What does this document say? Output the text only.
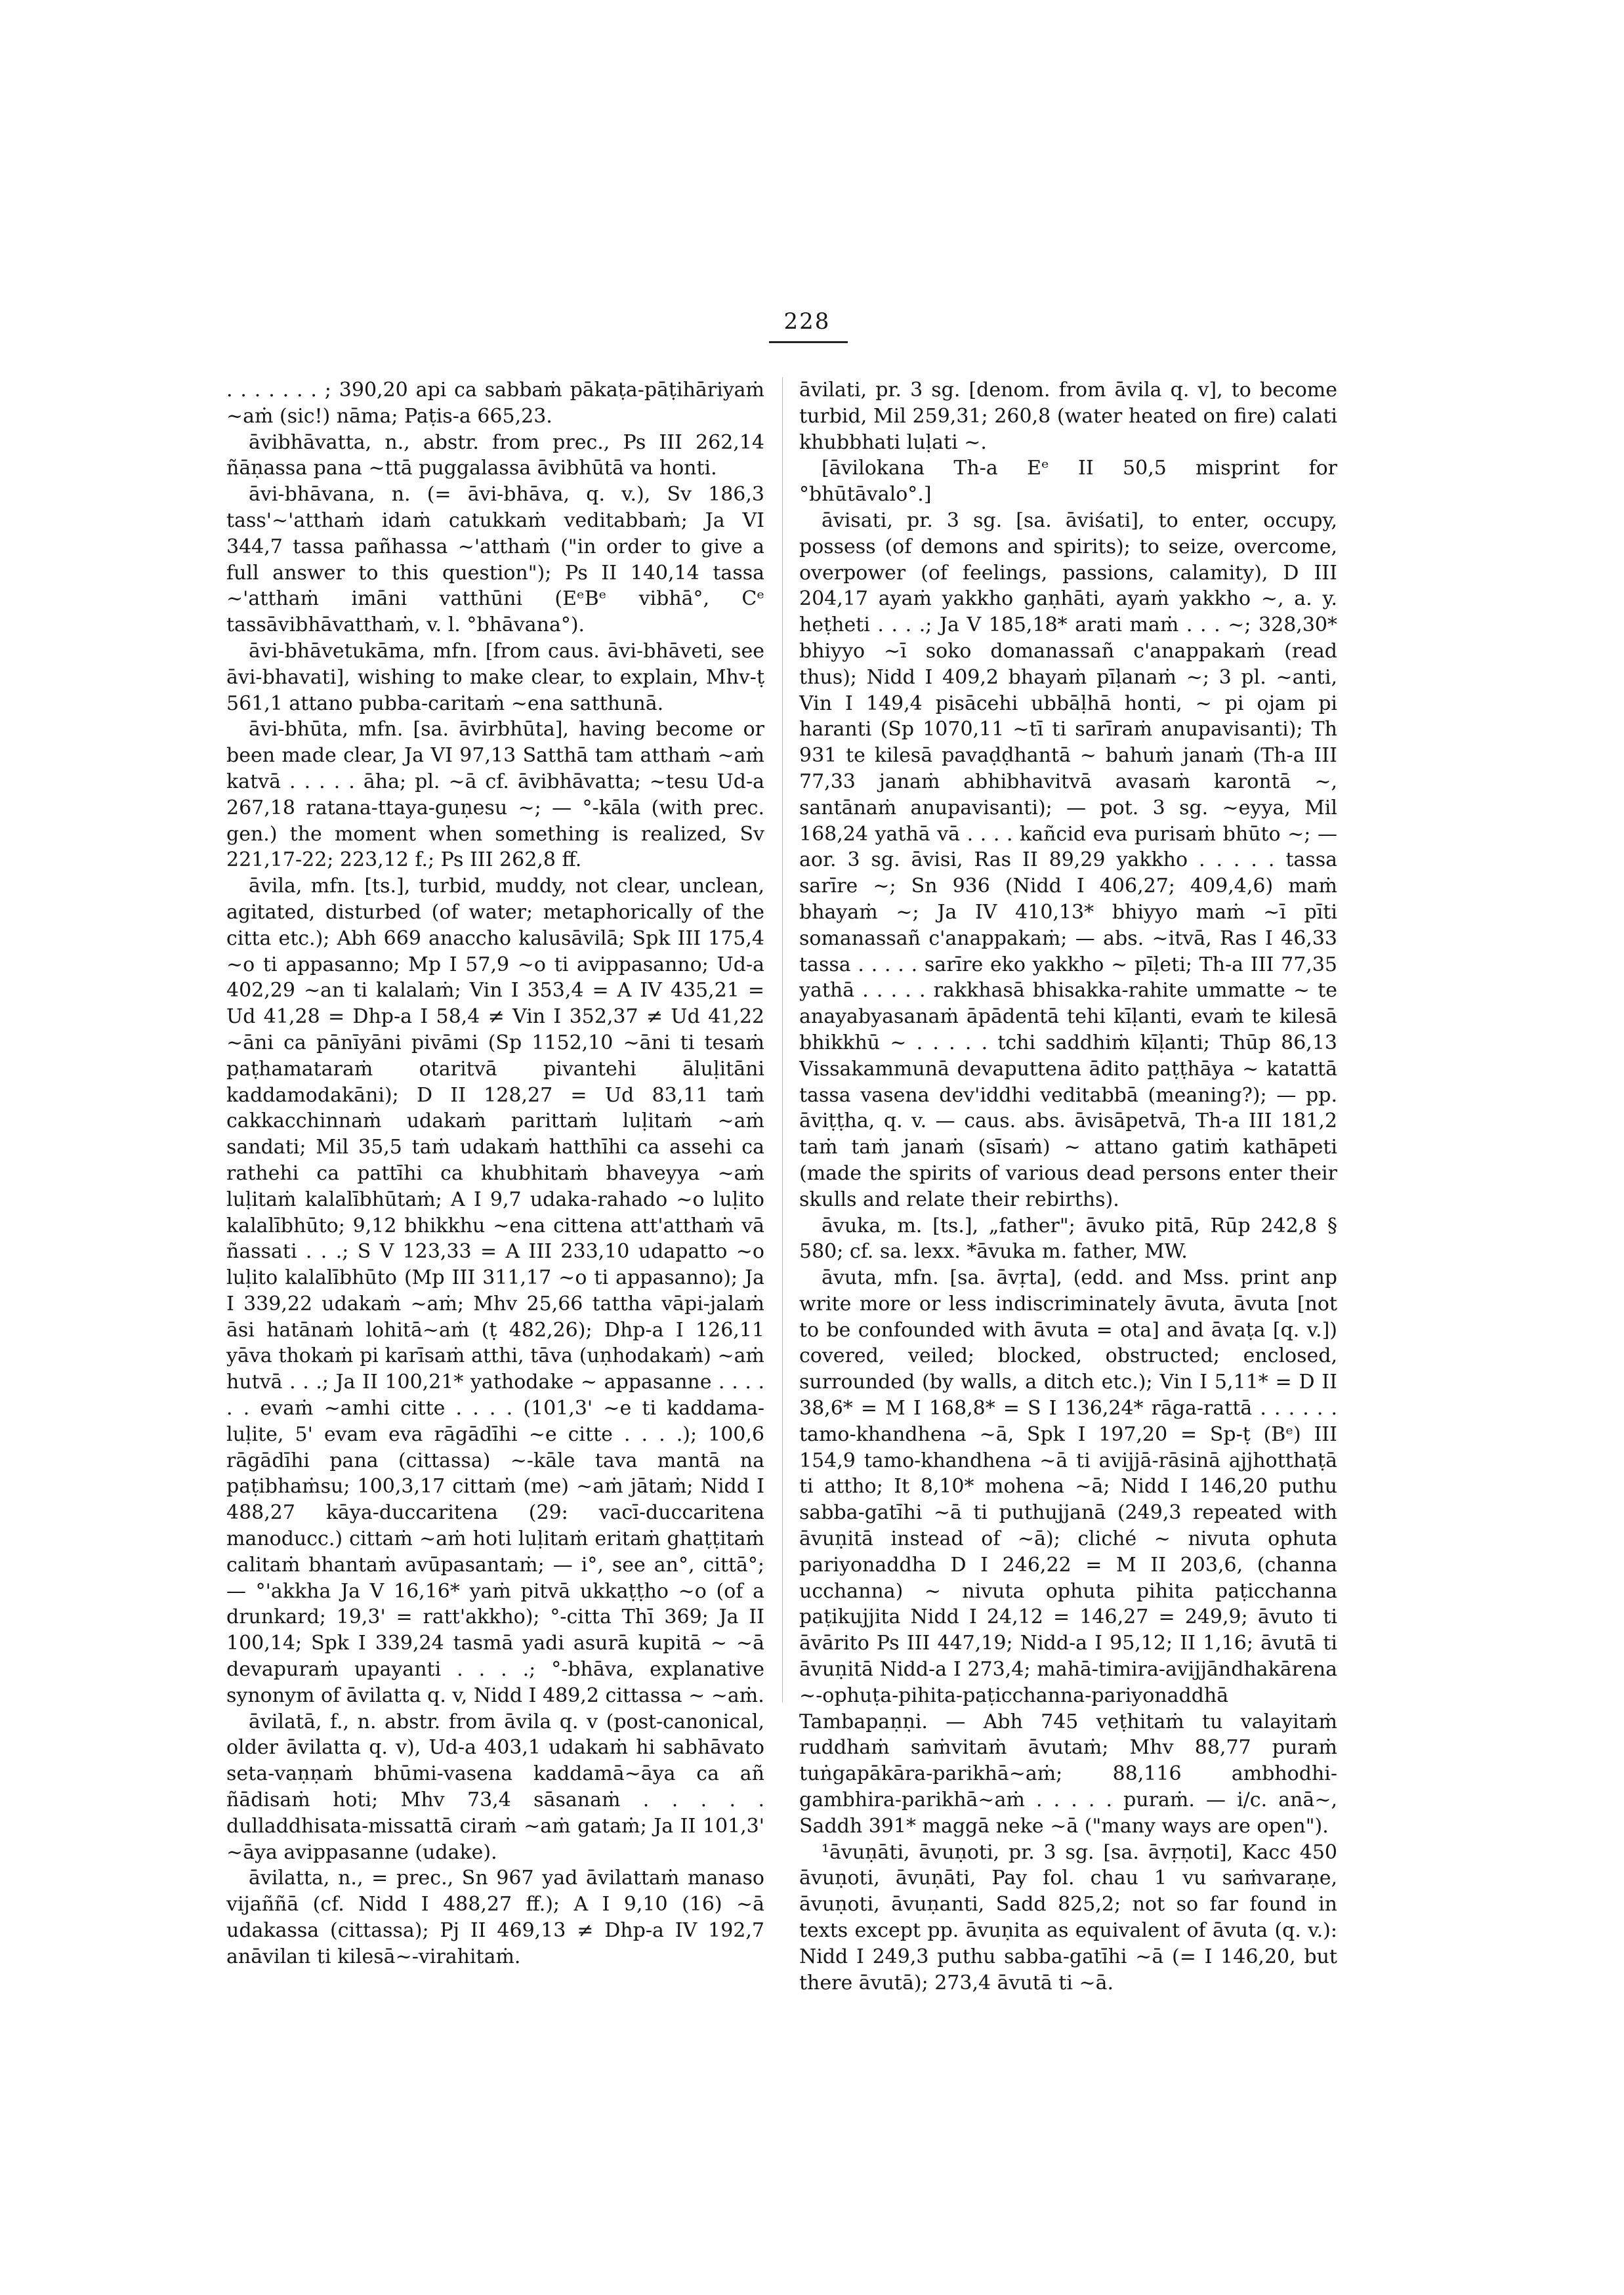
228

. . . . . . . ; 390,20 api ca sabbaṁ pākaṭa-pāṭihāriyaṁ ~aṁ (sic!) nāma; Paṭis-a 665,23.

āvibhāvatta, n., abstr. from prec., Ps III 262,14 ñāṇassa pana ~ttā puggalassa āvibhūtā va honti.

āvi-bhāvana, n. (= āvi-bhāva, q. v.), Sv 186,3 tass'~'atthaṁ idaṁ catukkaṁ veditabbaṁ; Ja VI 344,7 tassa pañhassa ~'atthaṁ ("in order to give a full answer to this question"); Ps II 140,14 tassa ~'atthaṁ imāni vatthūni (EᵉBᵉ vibhā°, Cᵉ tassāvibhāvatthaṁ, v. l. °bhāvana°).

āvi-bhāvetukāma, mfn. [from caus. āvi-bhāveti, see āvi-bhavati], wishing to make clear, to explain, Mhv-ṭ 561,1 attano pubba-caritaṁ ~ena satthunā.

āvi-bhūta, mfn. [sa. āvirbhūta], having become or been made clear, Ja VI 97,13 Satthā tam atthaṁ ~aṁ katvā . . . . . āha; pl. ~ā cf. āvibhāvatta; ~tesu Ud-a 267,18 ratana-ttaya-guṇesu ~; — °-kāla (with prec. gen.) the moment when something is realized, Sv 221,17-22; 223,12 f.; Ps III 262,8 ff.

āvila, mfn. [ts.], turbid, muddy, not clear, unclean, agitated, disturbed (of water; metaphorically of the citta etc.); Abh 669 anaccho kalusāvilā; Spk III 175,4 ~o ti appasanno; Mp I 57,9 ~o ti avippasanno; Ud-a 402,29 ~an ti kalalaṁ; Vin I 353,4 = A IV 435,21 = Ud 41,28 = Dhp-a I 58,4 ≠ Vin I 352,37 ≠ Ud 41,22 ~āni ca pānīyāni pivāmi (Sp 1152,10 ~āni ti tesaṁ paṭhamataraṁ otaritvā pivantehi āluḷitāni kaddamodakāni); D II 128,27 = Ud 83,11 taṁ cakkacchinnaṁ udakaṁ parittaṁ luḷitaṁ ~aṁ sandati; Mil 35,5 taṁ udakaṁ hatthīhi ca assehi ca rathehi ca pattīhi ca khubhitaṁ bhaveyya ~aṁ luḷitaṁ kalalībhūtaṁ; A I 9,7 udaka-rahado ~o luḷito kalalībhūto; 9,12 bhikkhu ~ena cittena att'atthaṁ vā ñassati . . .; S V 123,33 = A III 233,10 udapatto ~o luḷito kalalībhūto (Mp III 311,17 ~o ti appasanno); Ja I 339,22 udakaṁ ~aṁ; Mhv 25,66 tattha vāpi-jalaṁ āsi hatānaṁ lohitā~aṁ (ṭ 482,26); Dhp-a I 126,11 yāva thokaṁ pi karīsaṁ atthi, tāva (uṇhodakaṁ) ~aṁ hutvā . . .; Ja II 100,21* yathodake ~ appasanne . . . . . . evaṁ ~amhi citte . . . . (101,3' ~e ti kaddama-luḷite, 5' evam eva rāgādīhi ~e citte . . . .); 100,6 rāgādīhi pana (cittassa) ~-kāle tava mantā na paṭibhaṁsu; 100,3,17 cittaṁ (me) ~aṁ jātaṁ; Nidd I 488,27 kāya-duccaritena (29: vacī-duccaritena manoducc.) cittaṁ ~aṁ hoti luḷitaṁ eritaṁ ghaṭṭitaṁ calitaṁ bhantaṁ avūpasantaṁ; — i°, see an°, cittā°; — °'akkha Ja V 16,16* yaṁ pitvā ukkaṭṭho ~o (of a drunkard; 19,3' = ratt'akkho); °-citta Thī 369; Ja II 100,14; Spk I 339,24 tasmā yadi asurā kupitā ~ ~ā devapuraṁ upayanti . . . .; °-bhāva, explanative synonym of āvilatta q. v, Nidd I 489,2 cittassa ~ ~aṁ.

āvilatā, f., n. abstr. from āvila q. v (post-canonical, older āvilatta q. v), Ud-a 403,1 udakaṁ hi sabhāvato seta-vaṇṇaṁ bhūmi-vasena kaddamā~āya ca añ ñādisaṁ hoti; Mhv 73,4 sāsanaṁ . . . . . dulladdhisata-missattā ciraṁ ~aṁ gataṁ; Ja II 101,3' ~āya avippasanne (udake).

āvilatta, n., = prec., Sn 967 yad āvilattaṁ manaso vijaññā (cf. Nidd I 488,27 ff.); A I 9,10 (16) ~ā udakassa (cittassa); Pj II 469,13 ≠ Dhp-a IV 192,7 anāvilan ti kilesā~-virahitaṁ.

āvilati, pr. 3 sg. [denom. from āvila q. v], to become turbid, Mil 259,31; 260,8 (water heated on fire) calati khubbhati luḷati ~.

[āvilokana Th-a Eᵉ II 50,5 misprint for °bhūtāvalo°.]

āvisati, pr. 3 sg. [sa. āviśati], to enter, occupy, possess (of demons and spirits); to seize, overcome, overpower (of feelings, passions, calamity), D III 204,17 ayaṁ yakkho gaṇhāti, ayaṁ yakkho ~, a. y. heṭheti . . . .; Ja V 185,18* arati maṁ . . . ~; 328,30* bhiyyo ~ī soko domanassañ c'anappakaṁ (read thus); Nidd I 409,2 bhayaṁ pīḷanaṁ ~; 3 pl. ~anti, Vin I 149,4 pisācehi ubbāḷhā honti, ~ pi ojam pi haranti (Sp 1070,11 ~tī ti sarīraṁ anupavisanti); Th 931 te kilesā pavaḍḍhantā ~ bahuṁ janaṁ (Th-a III 77,33 janaṁ abhibhavitvā avasaṁ karontā ~, santānaṁ anupavisanti); — pot. 3 sg. ~eyya, Mil 168,24 yathā vā . . . . kañcid eva purisaṁ bhūto ~; — aor. 3 sg. āvisi, Ras II 89,29 yakkho . . . . . tassa sarīre ~; Sn 936 (Nidd I 406,27; 409,4,6) maṁ bhayaṁ ~; Ja IV 410,13* bhiyyo maṁ ~ī pīti somanassañ c'anappakaṁ; — abs. ~itvā, Ras I 46,33 tassa . . . . . sarīre eko yakkho ~ pīḷeti; Th-a III 77,35 yathā . . . . . rakkhasā bhisakka-rahite ummatte ~ te anayabyasanaṁ āpādentā tehi kīḷanti, evaṁ te kilesā bhikkhū ~ . . . . . tchi saddhiṁ kīḷanti; Thūp 86,13 Vissakammunā devaputtena ādito paṭṭhāya ~ katattā tassa vasena dev'iddhi veditabbā (meaning?); — pp. āviṭṭha, q. v. — caus. abs. āvisāpetvā, Th-a III 181,2 taṁ taṁ janaṁ (sīsaṁ) ~ attano gatiṁ kathāpeti (made the spirits of various dead persons enter their skulls and relate their rebirths).

āvuka, m. [ts.], „father"; āvuko pitā, Rūp 242,8 § 580; cf. sa. lexx. *āvuka m. father, MW.

āvuta, mfn. [sa. āvṛta], (edd. and Mss. print anp write more or less indiscriminately āvuta, āvuta [not to be confounded with āvuta = ota] and āvaṭa [q. v.]) covered, veiled; blocked, obstructed; enclosed, surrounded (by walls, a ditch etc.); Vin I 5,11* = D II 38,6* = M I 168,8* = S I 136,24* rāga-rattā . . . . . . tamo-khandhena ~ā, Spk I 197,20 = Sp-ṭ (Bᵉ) III 154,9 tamo-khandhena ~ā ti avijjā-rāsinā ajjhotthaṭā ti attho; It 8,10* mohena ~ā; Nidd I 146,20 puthu sabba-gatīhi ~ā ti puthujjanā (249,3 repeated with āvuṇitā instead of ~ā); cliché ~ nivuta ophuta pariyonaddha D I 246,22 = M II 203,6, (channa ucchanna) ~ nivuta ophuta pihita paṭicchanna paṭikujjita Nidd I 24,12 = 146,27 = 249,9; āvuto ti āvārito Ps III 447,19; Nidd-a I 95,12; II 1,16; āvutā ti āvuṇitā Nidd-a I 273,4; mahā-timira-avijjāndhakārena ~-ophuṭa-pihita-paṭicchanna-pariyonaddhā Tambapaṇṇi. — Abh 745 veṭhitaṁ tu valayitaṁ ruddhaṁ saṁvitaṁ āvutaṁ; Mhv 88,77 puraṁ tuṅgapākāra-parikhā~aṁ; 88,116 ambhodhi-gambhira-parikhā~aṁ . . . . . puraṁ. — i/c. anā~, Saddh 391* maggā neke ~ā ("many ways are open").

¹āvuṇāti, āvuṇoti, pr. 3 sg. [sa. āvṛṇoti], Kacc 450 āvuṇoti, āvuṇāti, Pay fol. chau 1 vu saṁvaraṇe, āvuṇoti, āvuṇanti, Sadd 825,2; not so far found in texts except pp. āvuṇita as equivalent of āvuta (q. v.): Nidd I 249,3 puthu sabba-gatīhi ~ā (= I 146,20, but there āvutā); 273,4 āvutā ti ~ā.
